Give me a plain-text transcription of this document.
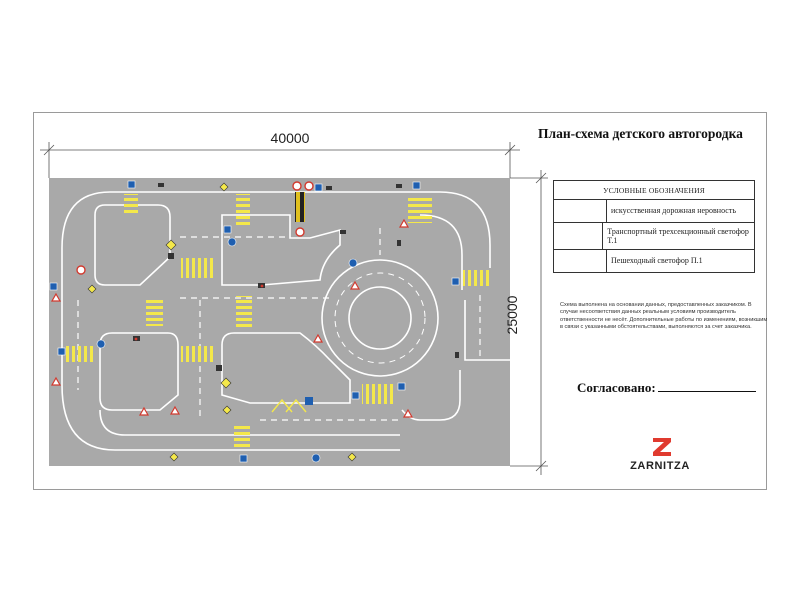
40000
25000
План-схема детского автогородка
УСЛОВНЫЕ ОБОЗНАЧЕНИЯ
искусственная дорожная неровность
Транспортный трехсекционный светофор Т.1
Пешеходный светофор П.1
Схема выполнена на основании данных, предоставленных заказчиком. В случае несоответствия данных реальным условиям производитель ответственности не несёт. Дополнительные работы по изменениям, возникшим в связи с указанными обстоятельствами, выполняются за счет заказчика.
Согласовано:
ZARNITZA
